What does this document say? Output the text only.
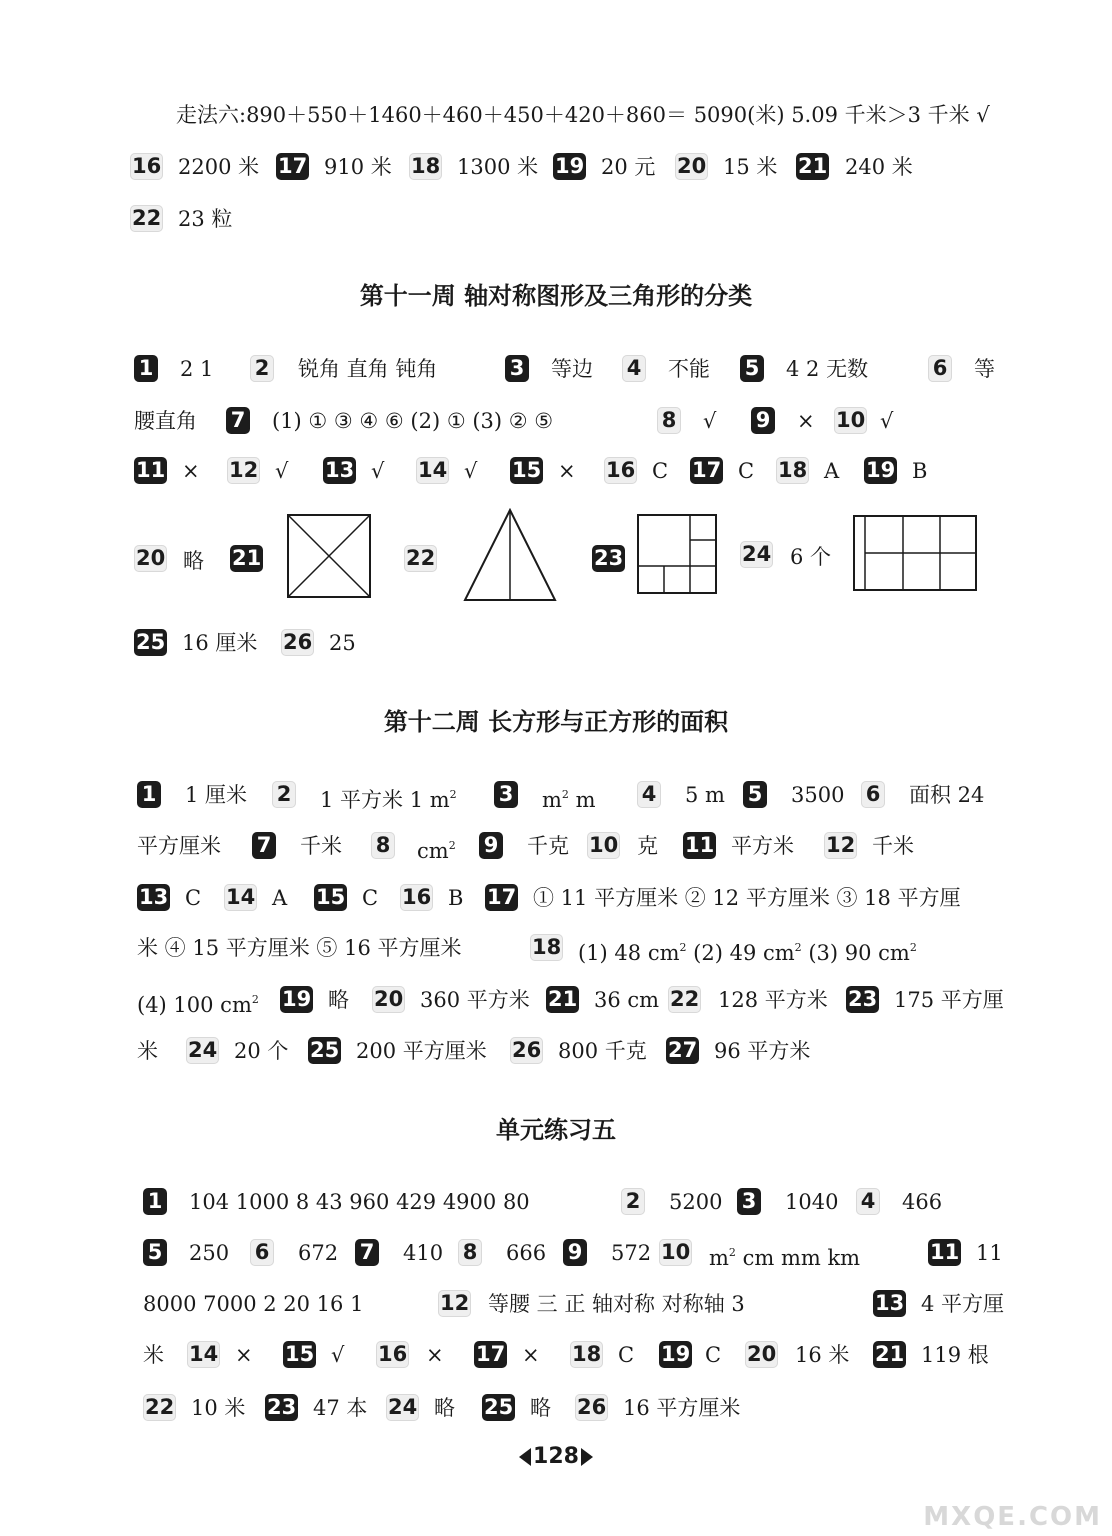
走法六:890＋550＋1460＋460＋450＋420＋860＝ 5090(米) 5.09 千米＞3 千米 √
16 2200 米 17 910 米 18 1300 米 19 20 元 20 15 米 21 240 米
22 23 粒
第十一周 轴对称图形及三角形的分类
1 2 1 2 锐角 直角 钝角	3 等边 4 不能 5 4 2 无数	6 等
腰直角 7 (1) ① ③ ④ ⑥ (2) ① (3) ② ⑤	8 √ 9 × 10 √
11 × 12 √ 13 √ 14 √ 15 × 16 C 17 C 18 A 19 B
20 略 21	22	23	24 6 个
25 16 厘米 26 25
第十二周 长方形与正方形的面积
1 1 厘米 2 1 平方米 1 $m^2$ 3 $m^2$ m 4 5 m 5 3500 6 面积 24
平方厘米 7 千米 8 $cm^2$ 9 千克 10 克 11 平方米 12 千米
13 C 14 A 15 C 16 B 17 ① 11 平方厘米 ② 12 平方厘米 ③ 18 平方厘
米 ④ 15 平方厘米 ⑤ 16 平方厘米	18 (1) 48 $cm^2$ (2) 49 $cm^2$ (3) 90 $cm^2$
(4) 100 $cm^2$ 19 略 20 360 平方米 21 36 cm 22 128 平方米 23 175 平方厘
米 24 20 个 25 200 平方厘米 26 800 千克 27 96 平方米
单元练习五
1 104 1000 8 43 960 429 4900 80	2 5200 3 1040 4 466
5 250 6 672 7 410 8 666 9 572 10 $m^2$ cm mm km	11 11
8000 7000 2 20 16 1	12 等腰 三 正 轴对称 对称轴 3	13 4 平方厘
米 14 × 15 √ 16 × 17 × 18 C 19 C 20 16 米 21 119 根
22 10 米 23 47 本 24 略 25 略 26 16 平方厘米
128
MXQE.COM
